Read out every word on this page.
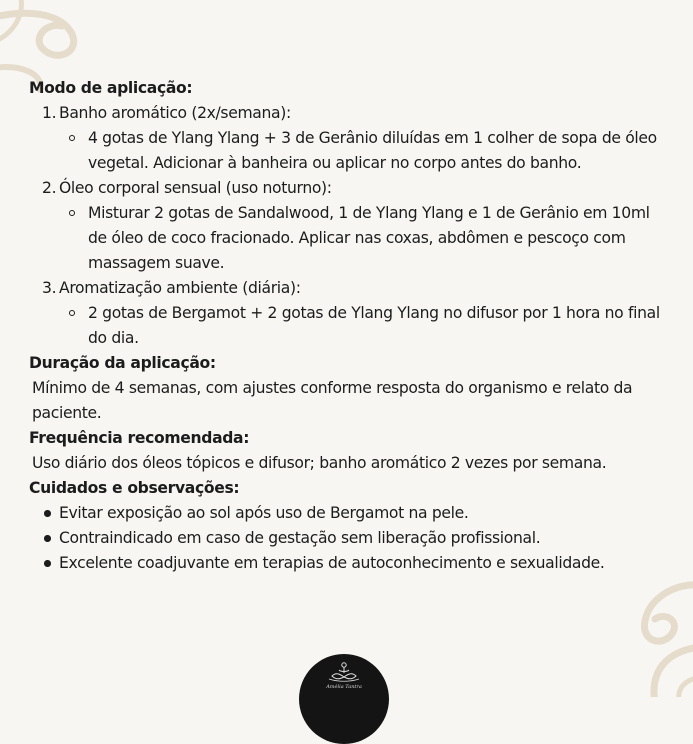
Modo de aplicação:

1. Banho aromático (2x/semana):
4 gotas de Ylang Ylang + 3 de Gerânio diluídas em 1 colher de sopa de óleo vegetal. Adicionar à banheira ou aplicar no corpo antes do banho.
2. Óleo corporal sensual (uso noturno):
Misturar 2 gotas de Sandalwood, 1 de Ylang Ylang e 1 de Gerânio em 10ml de óleo de coco fracionado. Aplicar nas coxas, abdômen e pescoço com massagem suave.
3. Aromatização ambiente (diária):
2 gotas de Bergamot + 2 gotas de Ylang Ylang no difusor por 1 hora no final do dia.

Duração da aplicação:

Mínimo de 4 semanas, com ajustes conforme resposta do organismo e relato da paciente.

Frequência recomendada:

Uso diário dos óleos tópicos e difusor; banho aromático 2 vezes por semana.

Cuidados e observações:

Evitar exposição ao sol após uso de Bergamot na pele.
Contraindicado em caso de gestação sem liberação profissional.
Excelente coadjuvante em terapias de autoconhecimento e sexualidade.
Amélia Tantra
